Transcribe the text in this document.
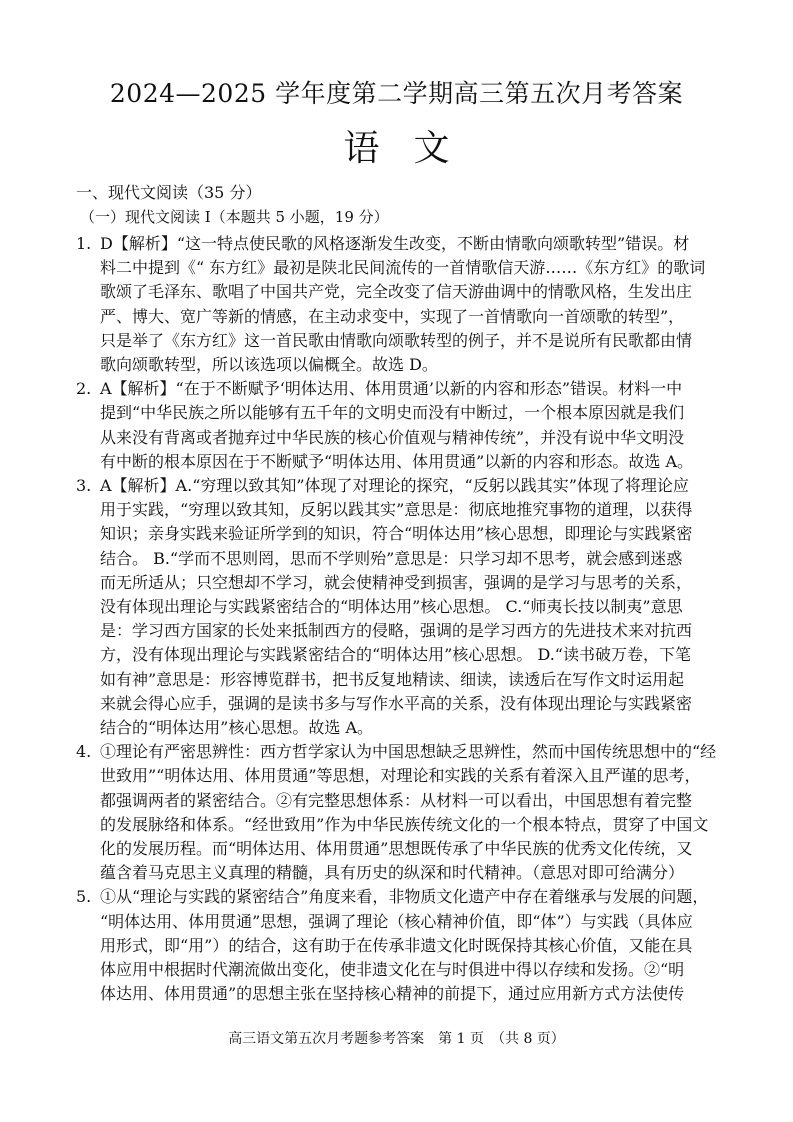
2024—2025 学年度第二学期高三第五次月考答案
语文
一、现代文阅读（35 分）
（一）现代文阅读 Ⅰ（本题共 5 小题，19 分）
1. D【解析】“这一特点使民歌的风格逐渐发生改变，不断由情歌向颂歌转型”错误。材
料二中提到《“ 东方红》最初是陕北民间流传的一首情歌信天游……《东方红》的歌词
歌颂了毛泽东、歌唱了中国共产党，完全改变了信天游曲调中的情歌风格，生发出庄
严、博大、宽广等新的情感，在主动求变中，实现了一首情歌向一首颂歌的转型”，
只是举了《东方红》这一首民歌由情歌向颂歌转型的例子，并不是说所有民歌都由情
歌向颂歌转型，所以该选项以偏概全。故选 D。
2. A【解析】“在于不断赋予‘明体达用、体用贯通’以新的内容和形态”错误。材料一中
提到“中华民族之所以能够有五千年的文明史而没有中断过，一个根本原因就是我们
从来没有背离或者抛弃过中华民族的核心价值观与精神传统”，并没有说中华文明没
有中断的根本原因在于不断赋予“明体达用、体用贯通”以新的内容和形态。故选 A。
3. A【解析】A.“穷理以致其知”体现了对理论的探究，“反躬以践其实”体现了将理论应
用于实践，“穷理以致其知，反躬以践其实”意思是：彻底地推究事物的道理，以获得
知识；亲身实践来验证所学到的知识，符合“明体达用”核心思想，即理论与实践紧密
结合。 B.“学而不思则罔，思而不学则殆”意思是：只学习却不思考，就会感到迷惑
而无所适从；只空想却不学习，就会使精神受到损害，强调的是学习与思考的关系，
没有体现出理论与实践紧密结合的“明体达用”核心思想。 C.“师夷长技以制夷”意思
是：学习西方国家的长处来抵制西方的侵略，强调的是学习西方的先进技术来对抗西
方，没有体现出理论与实践紧密结合的“明体达用”核心思想。 D.“读书破万卷，下笔
如有神”意思是：形容博览群书，把书反复地精读、细读，读透后在写作文时运用起
来就会得心应手，强调的是读书多与写作水平高的关系，没有体现出理论与实践紧密
结合的“明体达用”核心思想。故选 A。
4. ①理论有严密思辨性：西方哲学家认为中国思想缺乏思辨性，然而中国传统思想中的“经
世致用”“明体达用、体用贯通”等思想，对理论和实践的关系有着深入且严谨的思考，
都强调两者的紧密结合。②有完整思想体系：从材料一可以看出，中国思想有着完整
的发展脉络和体系。“经世致用”作为中华民族传统文化的一个根本特点，贯穿了中国文
化的发展历程。而“明体达用、体用贯通”思想既传承了中华民族的优秀文化传统，又
蕴含着马克思主义真理的精髓，具有历史的纵深和时代精神。（意思对即可给满分）
5. ①从“理论与实践的紧密结合”角度来看，非物质文化遗产中存在着继承与发展的问题，
“明体达用、体用贯通”思想，强调了理论（核心精神价值，即“体”）与实践（具体应
用形式，即“用”）的结合，这有助于在传承非遗文化时既保持其核心价值，又能在具
体应用中根据时代潮流做出变化，使非遗文化在与时俱进中得以存续和发扬。②“明
体达用、体用贯通”的思想主张在坚持核心精神的前提下，通过应用新方式方法使传
高三语文第五次月考题参考答案　第 1 页　（共 8 页）
